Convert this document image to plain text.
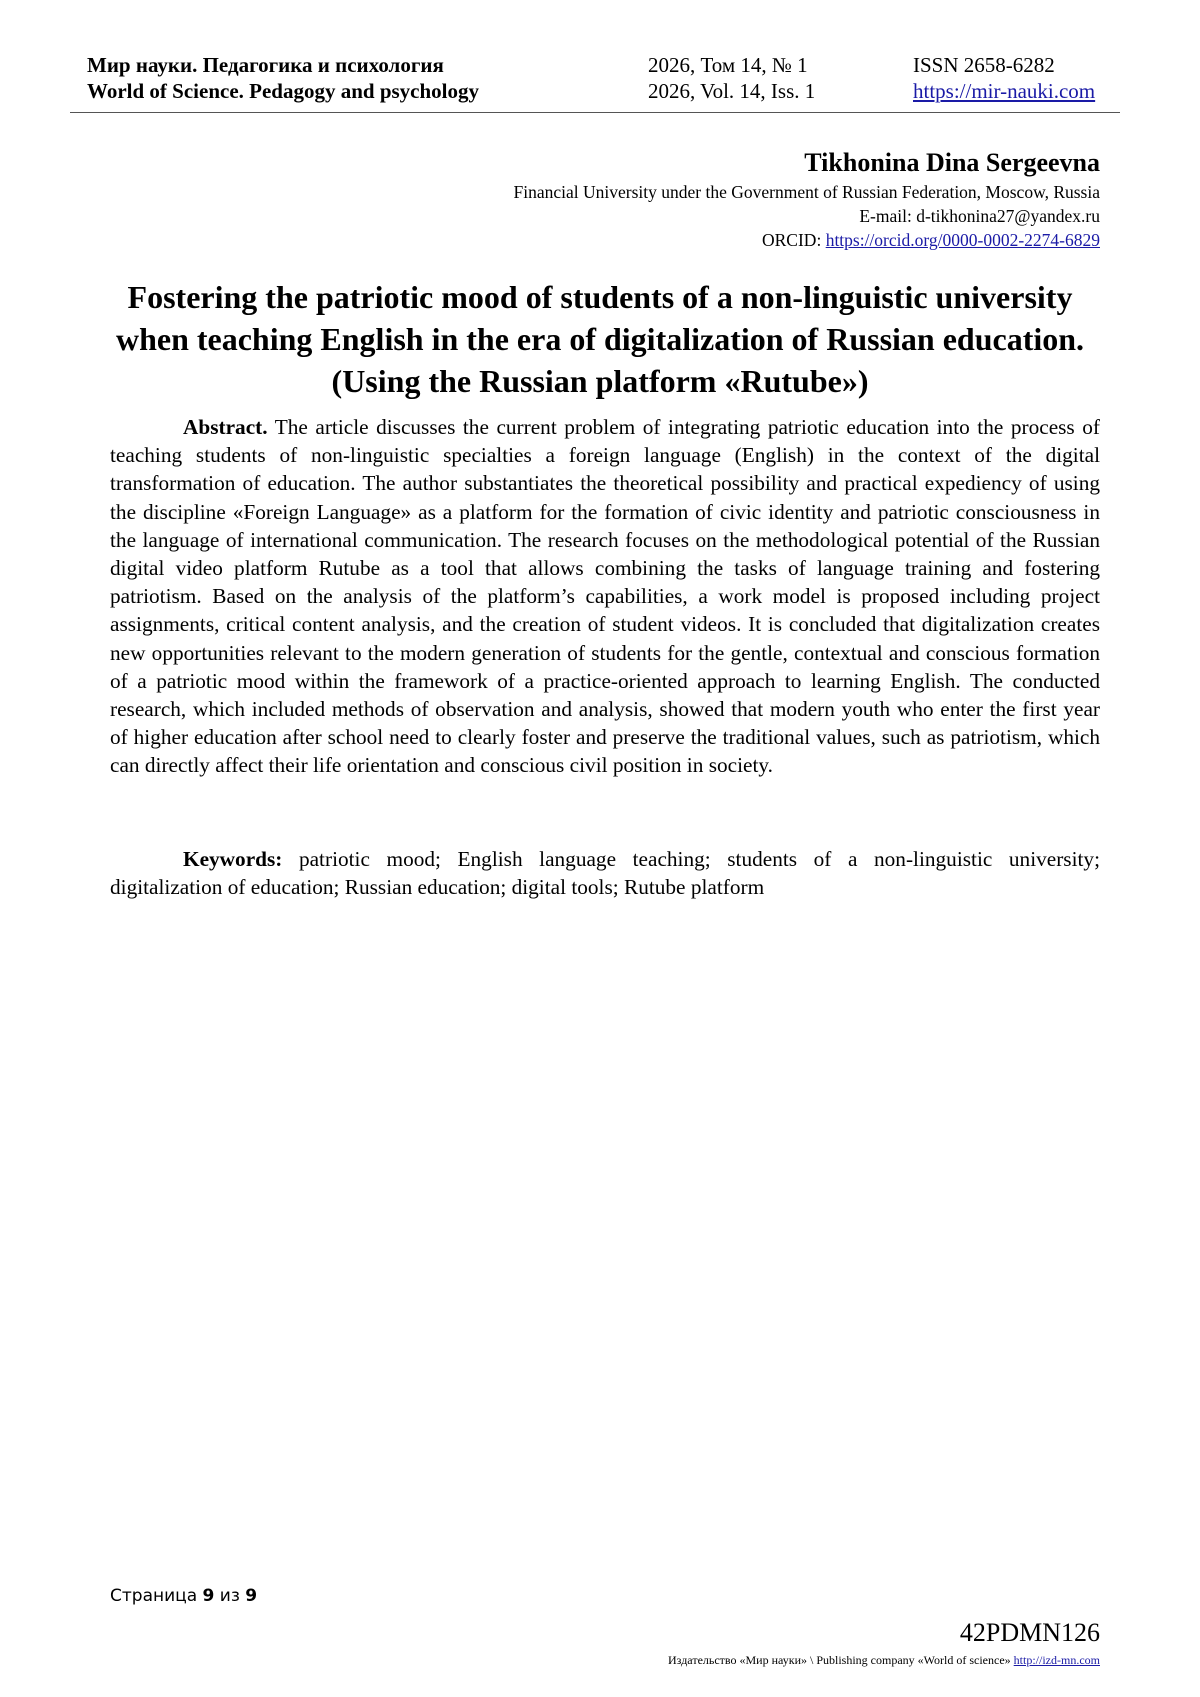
Мир науки. Педагогика и психология
World of Science. Pedagogy and psychology
2026, Том 14, № 1
2026, Vol. 14, Iss. 1
ISSN 2658-6282
https://mir-nauki.com
Tikhonina Dina Sergeevna
Financial University under the Government of Russian Federation, Moscow, Russia
E-mail: d-tikhonina27@yandex.ru
ORCID: https://orcid.org/0000-0002-2274-6829
Fostering the patriotic mood of students of a non-linguistic university when teaching English in the era of digitalization of Russian education. (Using the Russian platform «Rutube»)
Abstract. The article discusses the current problem of integrating patriotic education into the process of teaching students of non-linguistic specialties a foreign language (English) in the context of the digital transformation of education. The author substantiates the theoretical possibility and practical expediency of using the discipline «Foreign Language» as a platform for the formation of civic identity and patriotic consciousness in the language of international communication. The research focuses on the methodological potential of the Russian digital video platform Rutube as a tool that allows combining the tasks of language training and fostering patriotism. Based on the analysis of the platform’s capabilities, a work model is proposed including project assignments, critical content analysis, and the creation of student videos. It is concluded that digitalization creates new opportunities relevant to the modern generation of students for the gentle, contextual and conscious formation of a patriotic mood within the framework of a practice-oriented approach to learning English. The conducted research, which included methods of observation and analysis, showed that modern youth who enter the first year of higher education after school need to clearly foster and preserve the traditional values, such as patriotism, which can directly affect their life orientation and conscious civil position in society.
Keywords: patriotic mood; English language teaching; students of a non-linguistic university; digitalization of education; Russian education; digital tools; Rutube platform
Страница 9 из 9
42PDMN126
Издательство «Мир науки» \ Publishing company «World of science» http://izd-mn.com
